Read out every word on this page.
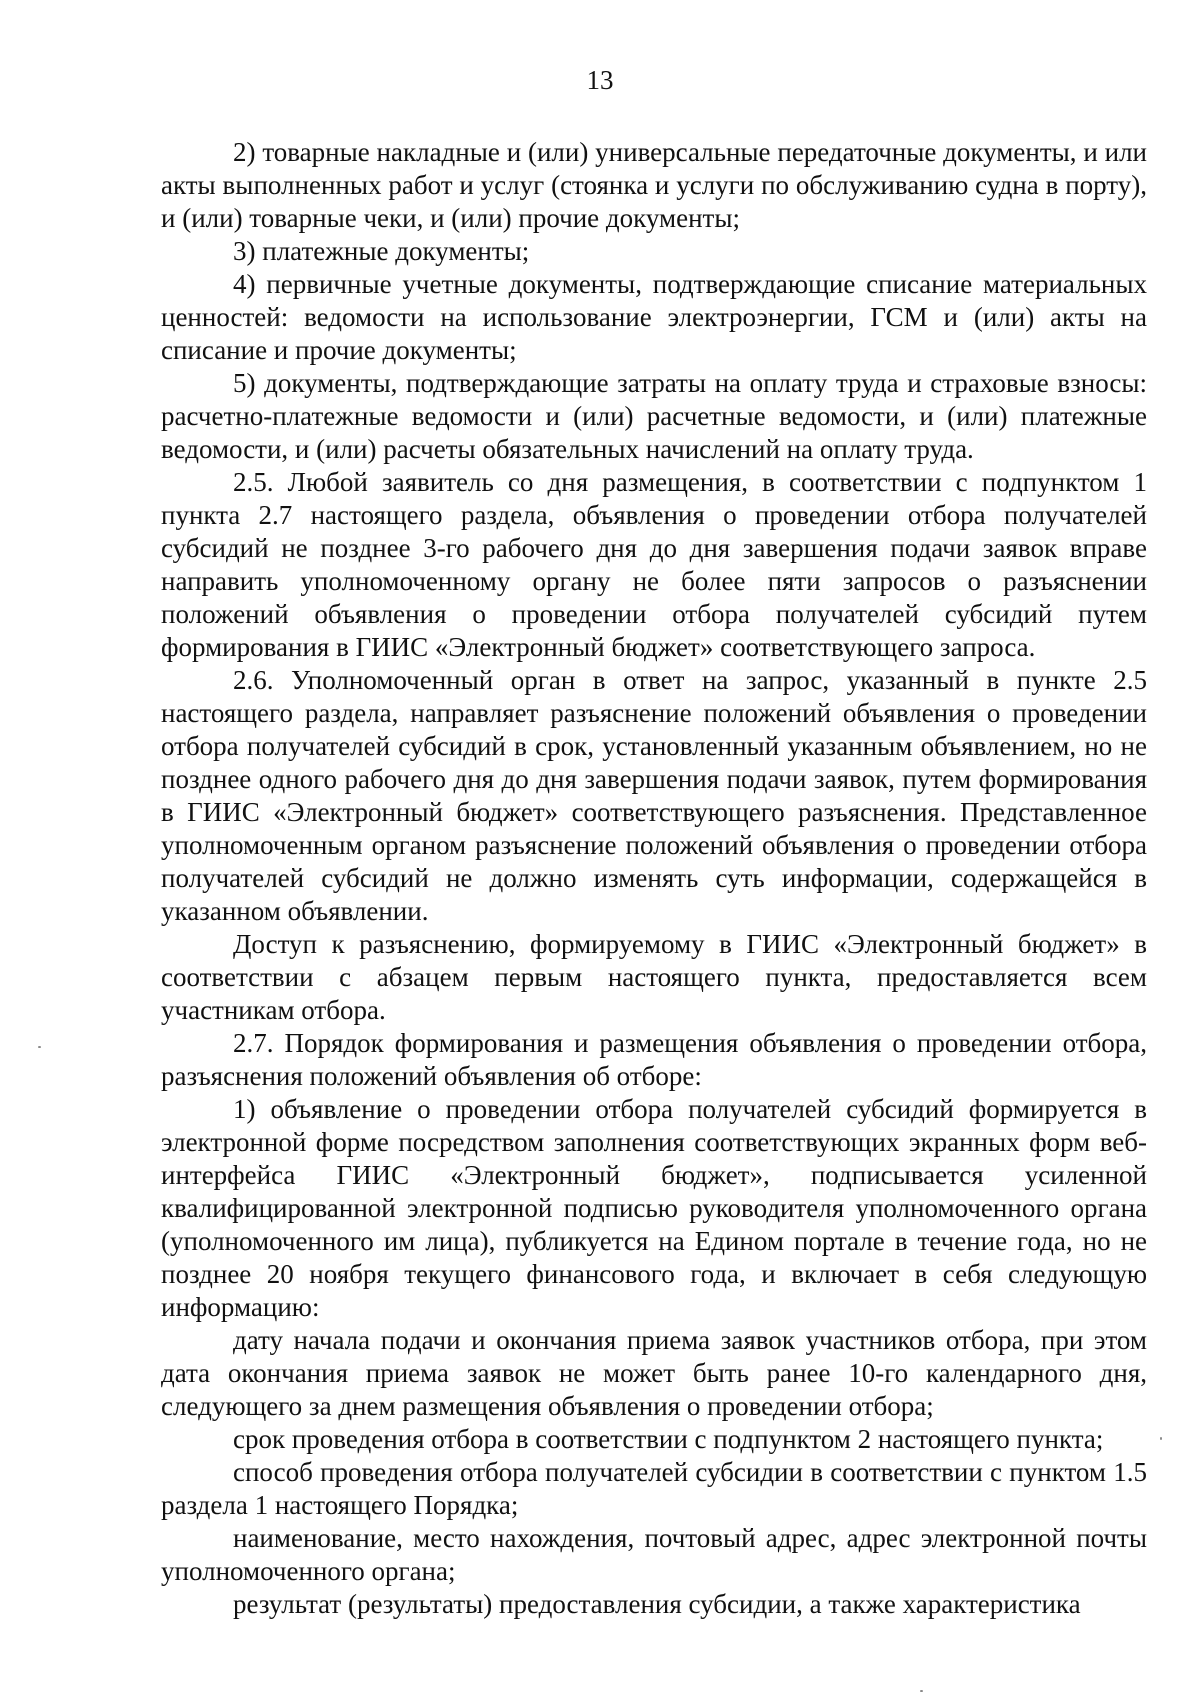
13

2) товарные накладные и (или) универсальные передаточные документы, и или акты выполненных работ и услуг (стоянка и услуги по обслуживанию судна в порту), и (или) товарные чеки, и (или) прочие документы;

3) платежные документы;

4) первичные учетные документы, подтверждающие списание материальных ценностей: ведомости на использование электроэнергии, ГСМ и (или) акты на списание и прочие документы;

5) документы, подтверждающие затраты на оплату труда и страховые взносы: расчетно-платежные ведомости и (или) расчетные ведомости, и (или) платежные ведомости, и (или) расчеты обязательных начислений на оплату труда.

2.5. Любой заявитель со дня размещения, в соответствии с подпунктом 1 пункта 2.7 настоящего раздела, объявления о проведении отбора получателей субсидий не позднее 3-го рабочего дня до дня завершения подачи заявок вправе направить уполномоченному органу не более пяти запросов о разъяснении положений объявления о проведении отбора получателей субсидий путем формирования в ГИИС «Электронный бюджет» соответствующего запроса.

2.6. Уполномоченный орган в ответ на запрос, указанный в пункте 2.5 настоящего раздела, направляет разъяснение положений объявления о проведении отбора получателей субсидий в срок, установленный указанным объявлением, но не позднее одного рабочего дня до дня завершения подачи заявок, путем формирования в ГИИС «Электронный бюджет» соответствующего разъяснения. Представленное уполномоченным органом разъяснение положений объявления о проведении отбора получателей субсидий не должно изменять суть информации, содержащейся в указанном объявлении.

Доступ к разъяснению, формируемому в ГИИС «Электронный бюджет» в соответствии с абзацем первым настоящего пункта, предоставляется всем участникам отбора.

2.7. Порядок формирования и размещения объявления о проведении отбора, разъяснения положений объявления об отборе:

1) объявление о проведении отбора получателей субсидий формируется в электронной форме посредством заполнения соответствующих экранных форм веб-интерфейса ГИИС «Электронный бюджет», подписывается усиленной квалифицированной электронной подписью руководителя уполномоченного органа (уполномоченного им лица), публикуется на Едином портале в течение года, но не позднее 20 ноября текущего финансового года, и включает в себя следующую информацию:

дату начала подачи и окончания приема заявок участников отбора, при этом дата окончания приема заявок не может быть ранее 10-го календарного дня, следующего за днем размещения объявления о проведении отбора;

срок проведения отбора в соответствии с подпунктом 2 настоящего пункта;

способ проведения отбора получателей субсидии в соответствии с пунктом 1.5 раздела 1 настоящего Порядка;

наименование, место нахождения, почтовый адрес, адрес электронной почты уполномоченного органа;

результат (результаты) предоставления субсидии, а также характеристика
